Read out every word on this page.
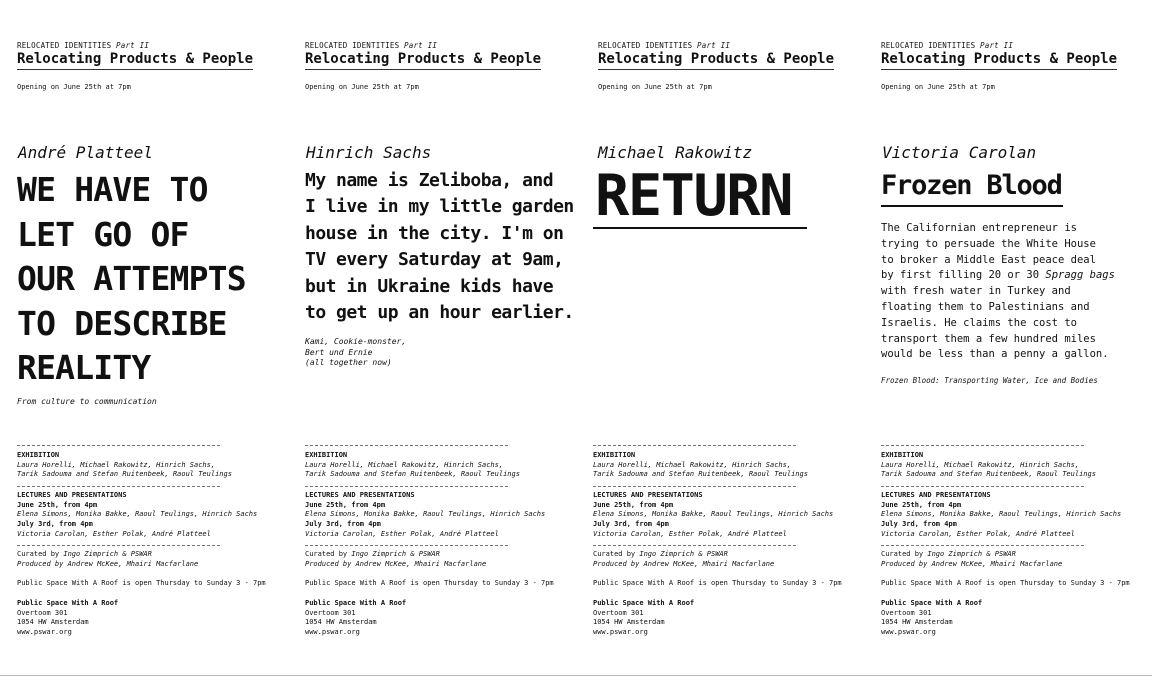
RELOCATED IDENTITIES Part II
Relocating Products & People
Opening on June 25th at 7pm
André Platteel
WE HAVE TO
LET GO OF
OUR ATTEMPTS
TO DESCRIBE
REALITY
From culture to communication
EXHIBITION
Laura Horelli, Michael Rakowitz, Hinrich Sachs,
Tarik Sadouma and Stefan Ruitenbeek, Raoul Teulings
LECTURES AND PRESENTATIONS
June 25th, from 4pm
Elena Simons, Monika Bakke, Raoul Teulings, Hinrich Sachs
July 3rd, from 4pm
Victoria Carolan, Esther Polak, André Platteel
Curated by Ingo Zimprich & PSWAR
Produced by Andrew McKee, Mhairi Macfarlane
Public Space With A Roof is open Thursday to Sunday 3 - 7pm
Public Space With A Roof
Overtoom 301
1054 HW Amsterdam
www.pswar.org
RELOCATED IDENTITIES Part II
Relocating Products & People
Opening on June 25th at 7pm
Hinrich Sachs
My name is Zeliboba, and
I live in my little garden
house in the city. I'm on
TV every Saturday at 9am,
but in Ukraine kids have
to get up an hour earlier.
Kami, Cookie-monster,
Bert und Ernie
(all together now)
EXHIBITION
Laura Horelli, Michael Rakowitz, Hinrich Sachs,
Tarik Sadouma and Stefan Ruitenbeek, Raoul Teulings
LECTURES AND PRESENTATIONS
June 25th, from 4pm
Elena Simons, Monika Bakke, Raoul Teulings, Hinrich Sachs
July 3rd, from 4pm
Victoria Carolan, Esther Polak, André Platteel
Curated by Ingo Zimprich & PSWAR
Produced by Andrew McKee, Mhairi Macfarlane
Public Space With A Roof is open Thursday to Sunday 3 - 7pm
Public Space With A Roof
Overtoom 301
1054 HW Amsterdam
www.pswar.org
RELOCATED IDENTITIES Part II
Relocating Products & People
Opening on June 25th at 7pm
Michael Rakowitz
RETURN
EXHIBITION
Laura Horelli, Michael Rakowitz, Hinrich Sachs,
Tarik Sadouma and Stefan Ruitenbeek, Raoul Teulings
LECTURES AND PRESENTATIONS
June 25th, from 4pm
Elena Simons, Monika Bakke, Raoul Teulings, Hinrich Sachs
July 3rd, from 4pm
Victoria Carolan, Esther Polak, André Platteel
Curated by Ingo Zimprich & PSWAR
Produced by Andrew McKee, Mhairi Macfarlane
Public Space With A Roof is open Thursday to Sunday 3 - 7pm
Public Space With A Roof
Overtoom 301
1054 HW Amsterdam
www.pswar.org
RELOCATED IDENTITIES Part II
Relocating Products & People
Opening on June 25th at 7pm
Victoria Carolan
Frozen Blood
The Californian entrepreneur is
trying to persuade the White House
to broker a Middle East peace deal
by first filling 20 or 30 Spragg bags
with fresh water in Turkey and
floating them to Palestinians and
Israelis. He claims the cost to
transport them a few hundred miles
would be less than a penny a gallon.
Frozen Blood: Transporting Water, Ice and Bodies
EXHIBITION
Laura Horelli, Michael Rakowitz, Hinrich Sachs,
Tarik Sadouma and Stefan Ruitenbeek, Raoul Teulings
LECTURES AND PRESENTATIONS
June 25th, from 4pm
Elena Simons, Monika Bakke, Raoul Teulings, Hinrich Sachs
July 3rd, from 4pm
Victoria Carolan, Esther Polak, André Platteel
Curated by Ingo Zimprich & PSWAR
Produced by Andrew McKee, Mhairi Macfarlane
Public Space With A Roof is open Thursday to Sunday 3 - 7pm
Public Space With A Roof
Overtoom 301
1054 HW Amsterdam
www.pswar.org
